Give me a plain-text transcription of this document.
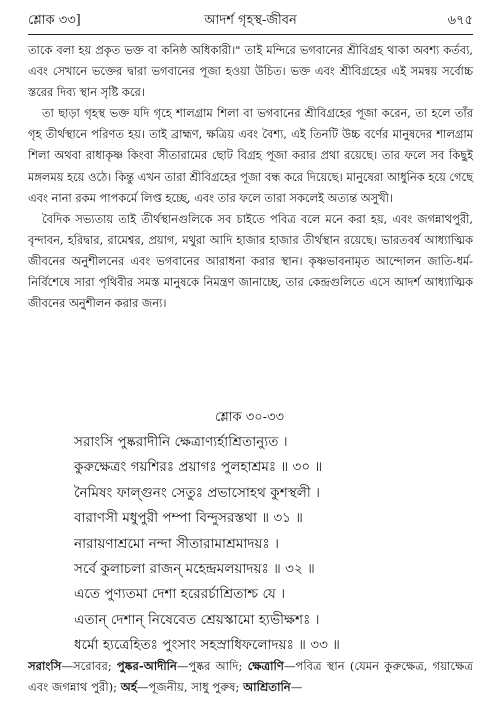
শ্লোক ৩৩]	আদর্শ গৃহস্থ-জীবন	৬৭৫

তাকে বলা হয় প্রকৃত ভক্ত বা কনিষ্ঠ অধিকারী।" তাই মন্দিরে ভগবানের শ্রীবিগ্রহ থাকা অবশ্য কর্তব্য, এবং সেখানে ভক্তের দ্বারা ভগবানের পূজা হওয়া উচিত। ভক্ত এবং শ্রীবিগ্রহের এই সমন্বয় সর্বোচ্চ স্তরের দিব্য স্থান সৃষ্টি করে।

তা ছাড়া গৃহস্থ ভক্ত যদি গৃহে শালগ্রাম শিলা বা ভগবানের শ্রীবিগ্রহের পূজা করেন, তা হলে তাঁর গৃহ তীর্থস্থানে পরিণত হয়। তাই ব্রাহ্মণ, ক্ষত্রিয় এবং বৈশ্য, এই তিনটি উচ্চ বর্ণের মানুষদের শালগ্রাম শিলা অথবা রাধাকৃষ্ণ কিংবা সীতারামের ছোট বিগ্রহ পূজা করার প্রথা রয়েছে। তার ফলে সব কিছুই মঙ্গলময় হয়ে ওঠে। কিন্তু এখন তারা শ্রীবিগ্রহের পূজা বন্ধ করে দিয়েছে। মানুষেরা আধুনিক হয়ে গেছে এবং নানা রকম পাপকর্মে লিপ্ত হচ্ছে, এবং তার ফলে তারা সকলেই অত্যন্ত অসুখী।

বৈদিক সভ্যতায় তাই তীর্থস্থানগুলিকে সব চাইতে পবিত্র বলে মনে করা হয়, এবং জগন্নাথপুরী, বৃন্দাবন, হরিদ্বার, রামেশ্বর, প্রয়াগ, মথুরা আদি হাজার হাজার তীর্থস্থান রয়েছে। ভারতবর্ষ আধ্যাত্মিক জীবনের অনুশীলনের এবং ভগবানের আরাধনা করার স্থান। কৃষ্ণভাবনামৃত আন্দোলন জাতি-ধর্ম-নির্বিশেষে সারা পৃথিবীর সমস্ত মানুষকে নিমন্ত্রণ জানাচ্ছে, তার কেন্দ্রগুলিতে এসে আদর্শ আধ্যাত্মিক জীবনের অনুশীলন করার জন্য।

শ্লোক ৩০-৩৩
সরাংসি পুষ্করাদীনি ক্ষেত্রাণ্যর্হাশ্রিতান্যুত ।
কুরুক্ষেত্রং গয়শিরঃ প্রয়াগঃ পুলহাশ্রমঃ ॥ ৩০ ॥
নৈমিষং ফাল্গুনং সেতুঃ প্রভাসোহথ কুশস্থলী ।
বারাণসী মধুপুরী পম্পা বিন্দুসরস্তথা ॥ ৩১ ॥
নারায়ণাশ্রমো নন্দা সীতারামাশ্রমাদয়ঃ ।
সর্বে কুলাচলা রাজন্ মহেন্দ্রমলয়াদয়ঃ ॥ ৩২ ॥
এতে পুণ্যতমা দেশা হরেরর্চাশ্রিতাশ্চ যে ।
এতান্ দেশান্ নিষেবেত শ্রেয়স্কামো হ্যভীক্ষশঃ ।
ধর্মো হ্যত্রেহিতঃ পুংসাং সহস্রাধিফলোদয়ঃ ॥ ৩৩ ॥
সরাংসি—সরোবর; পুষ্কর-আদীনি—পুষ্কর আদি; ক্ষেত্রাণি—পবিত্র স্থান (যেমন কুরুক্ষেত্র, গয়াক্ষেত্র এবং জগন্নাথ পুরী); অর্হ—পূজনীয়, সাধু পুরুষ; আশ্রিতানি—
